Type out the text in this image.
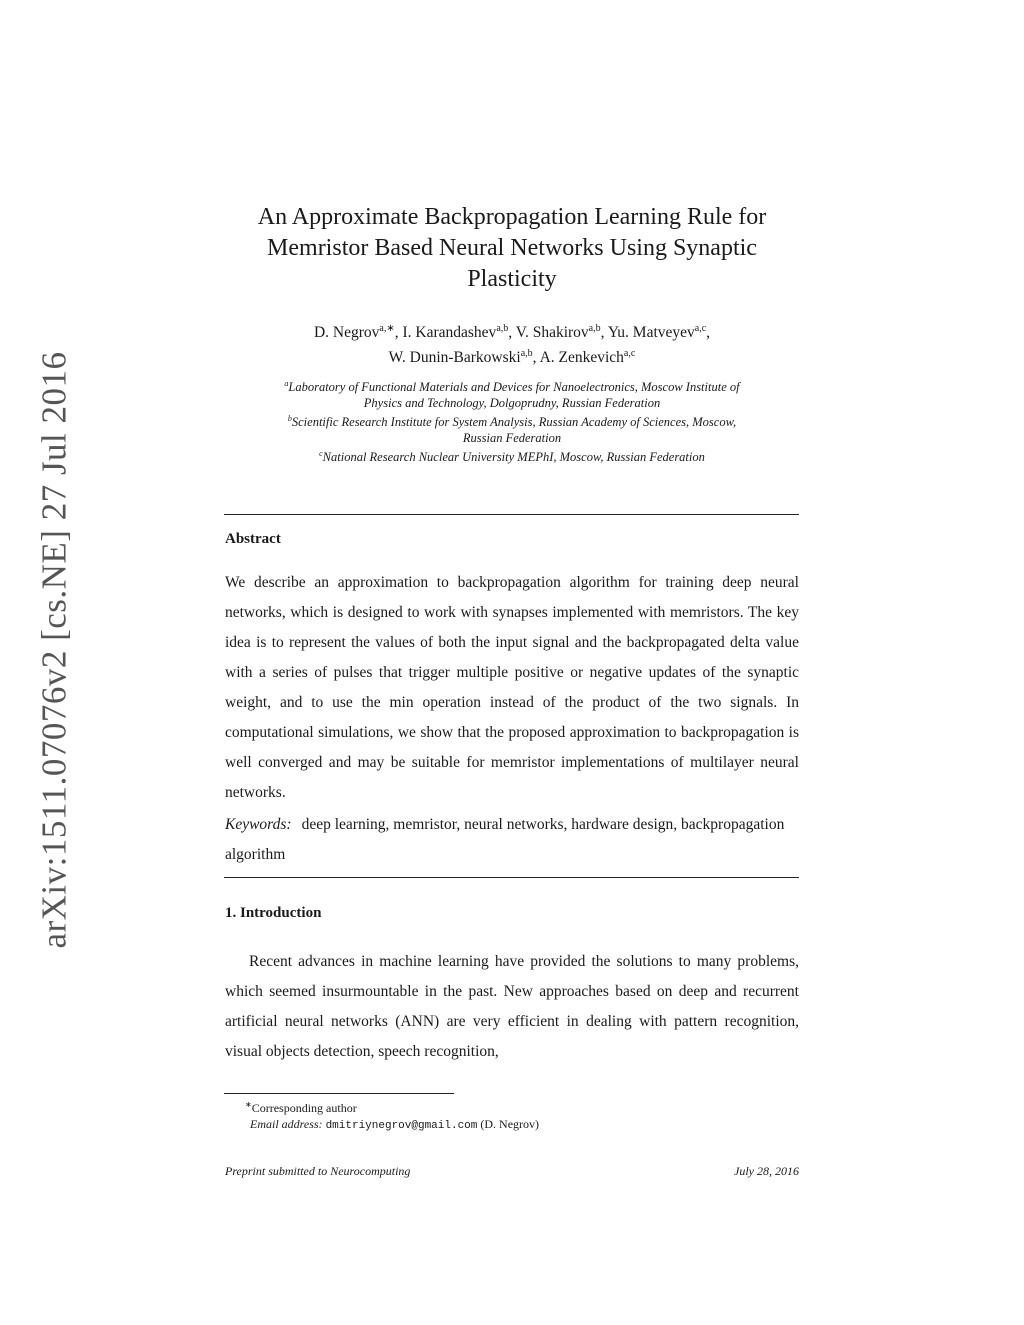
arXiv:1511.07076v2 [cs.NE] 27 Jul 2016
An Approximate Backpropagation Learning Rule for
Memristor Based Neural Networks Using Synaptic
Plasticity
D. Negrov$^{a,∗}$, I. Karandashev$^{a,b}$, V. Shakirov$^{a,b}$, Yu. Matveyev$^{a,c}$,
W. Dunin-Barkowski$^{a,b}$, A. Zenkevich$^{a,c}$
$^a$Laboratory of Functional Materials and Devices for Nanoelectronics, Moscow Institute of
Physics and Technology, Dolgoprudny, Russian Federation
$^b$Scientific Research Institute for System Analysis, Russian Academy of Sciences, Moscow,
Russian Federation
$^c$National Research Nuclear University MEPhI, Moscow, Russian Federation
Abstract
We describe an approximation to backpropagation algorithm for training deep neural networks, which is designed to work with synapses implemented with memristors. The key idea is to represent the values of both the input signal and the backpropagated delta value with a series of pulses that trigger multiple positive or negative updates of the synaptic weight, and to use the min operation instead of the product of the two signals. In computational simulations, we show that the proposed approximation to backpropagation is well converged and may be suitable for memristor implementations of multilayer neural networks.
Keywords: deep learning, memristor, neural networks, hardware design, backpropagation algorithm
1. Introduction
Recent advances in machine learning have provided the solutions to many problems, which seemed insurmountable in the past. New approaches based on deep and recurrent artificial neural networks (ANN) are very efficient in dealing with pattern recognition, visual objects detection, speech recognition,
∗Corresponding author
Email address: dmitriynegrov@gmail.com (D. Negrov)
Preprint submitted to Neurocomputing	July 28, 2016
